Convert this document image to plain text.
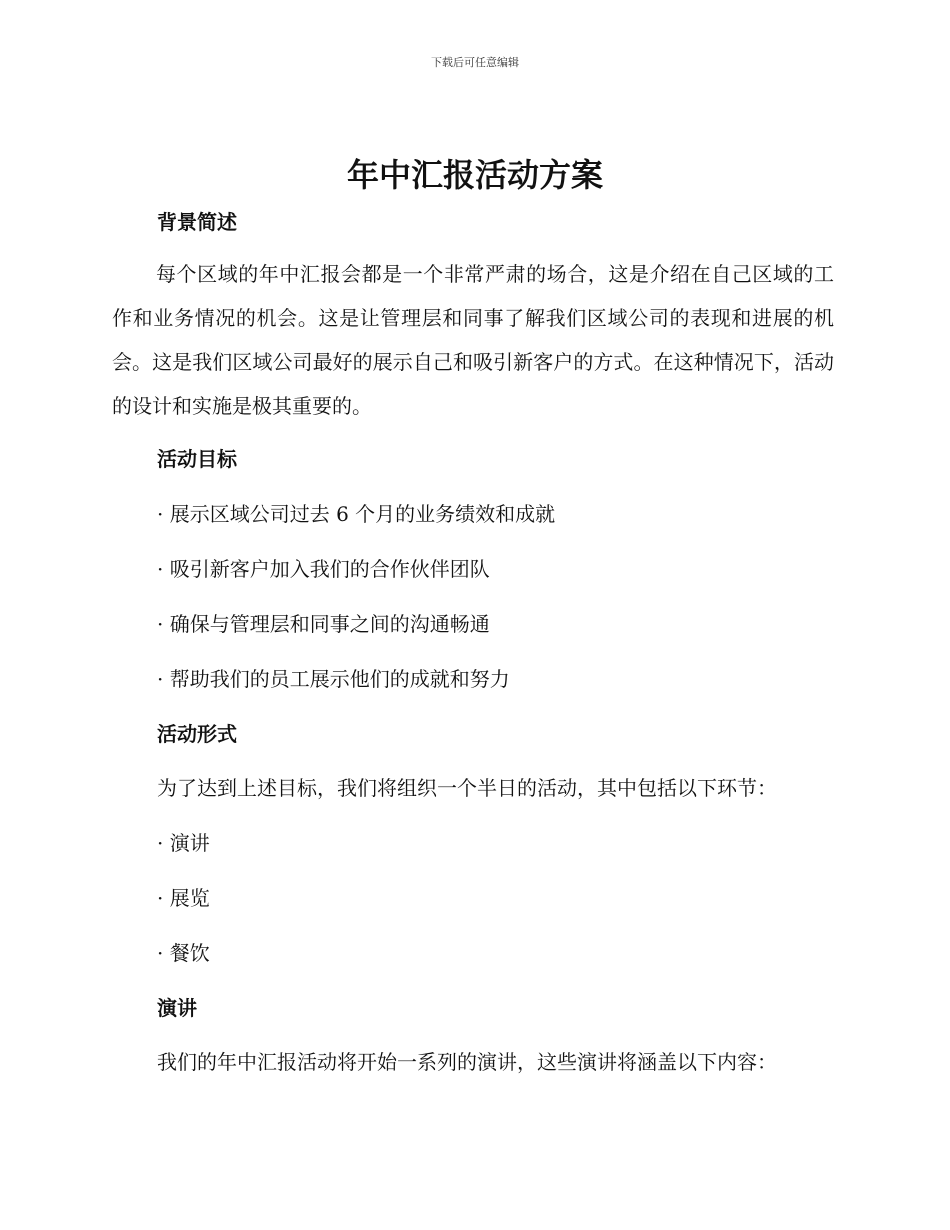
下载后可任意编辑
年中汇报活动方案
背景简述

每个区域的年中汇报会都是一个非常严肃的场合，这是介绍在自己区域的工作和业务情况的机会。这是让管理层和同事了解我们区域公司的表现和进展的机会。这是我们区域公司最好的展示自己和吸引新客户的方式。在这种情况下，活动的设计和实施是极其重要的。

活动目标

· 展示区域公司过去 6 个月的业务绩效和成就

· 吸引新客户加入我们的合作伙伴团队

· 确保与管理层和同事之间的沟通畅通

· 帮助我们的员工展示他们的成就和努力

活动形式

为了达到上述目标，我们将组织一个半日的活动，其中包括以下环节：

· 演讲

· 展览

· 餐饮

演讲

我们的年中汇报活动将开始一系列的演讲，这些演讲将涵盖以下内容：
